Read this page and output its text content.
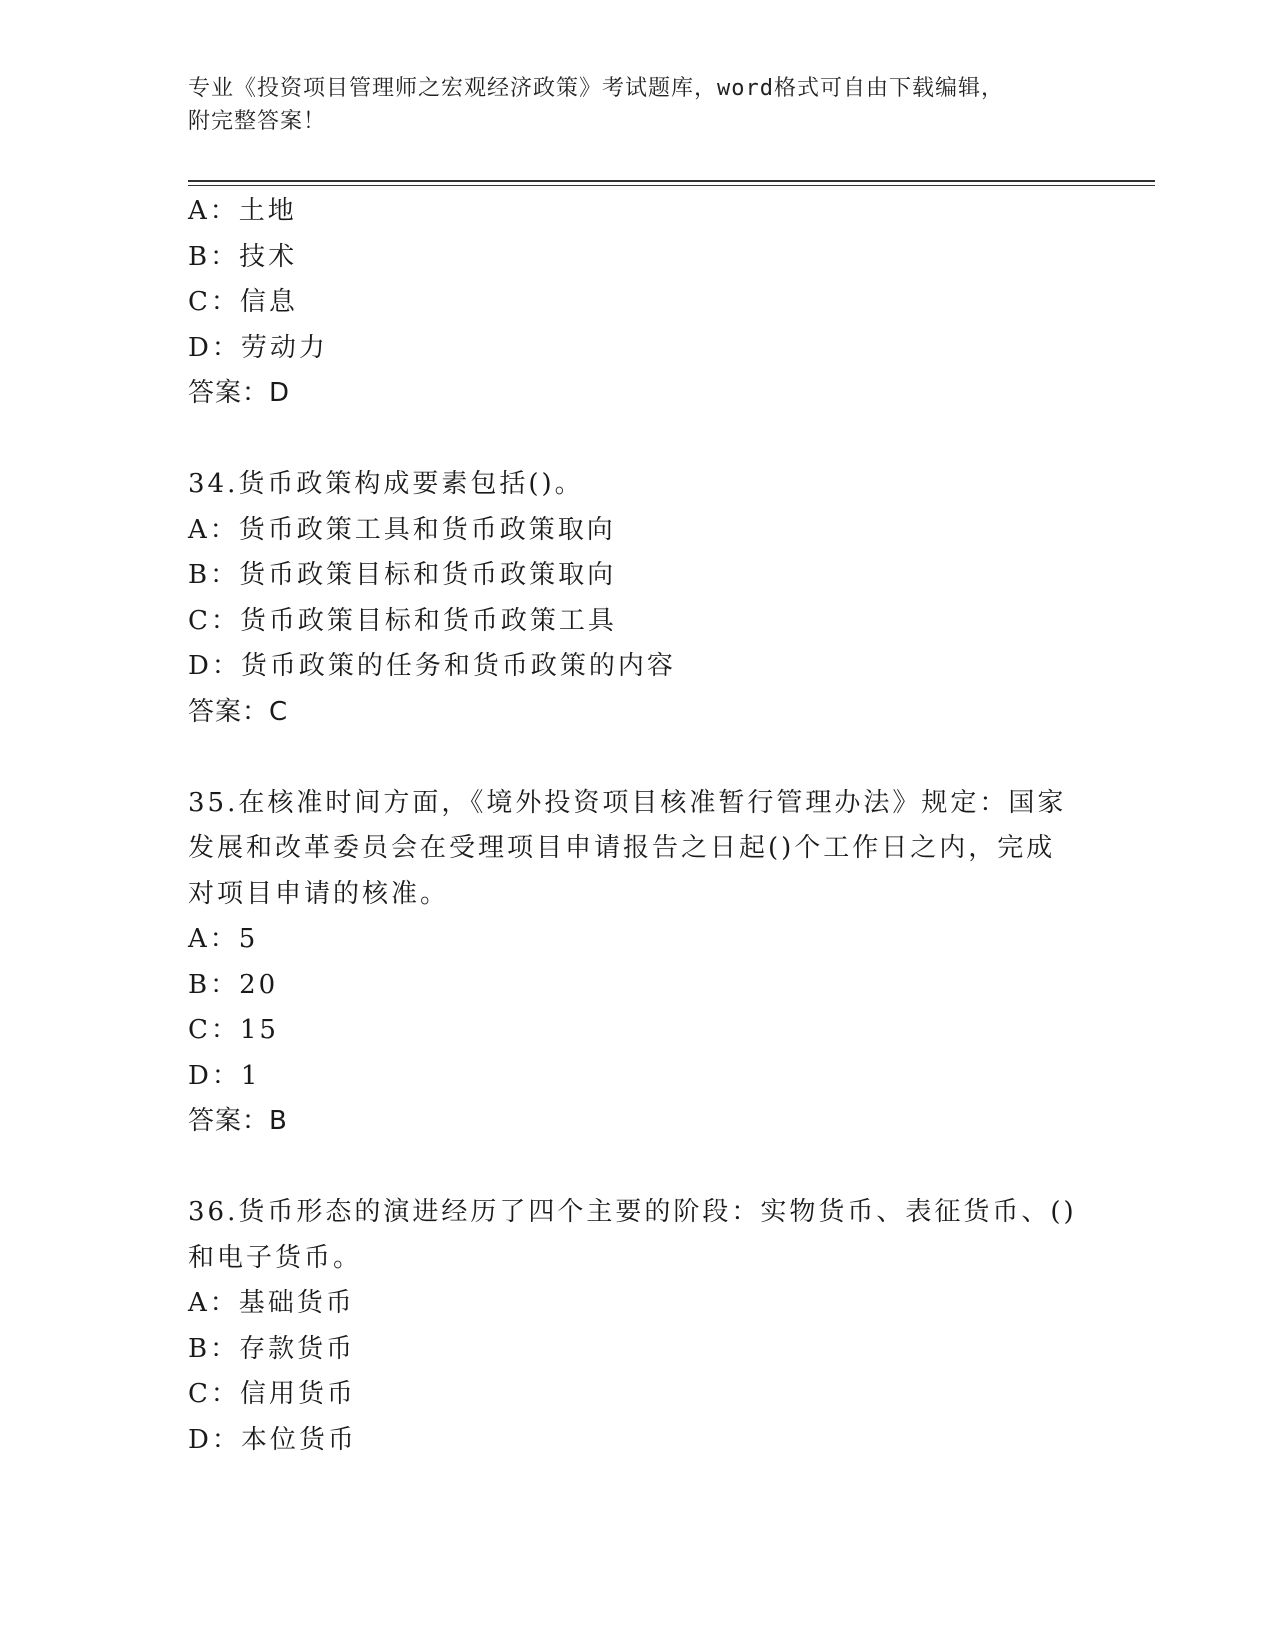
专业《投资项目管理师之宏观经济政策》考试题库，word格式可自由下载编辑，
附完整答案！
A：土地
B：技术
C：信息
D：劳动力
答案：D
34.货币政策构成要素包括()。
A：货币政策工具和货币政策取向
B：货币政策目标和货币政策取向
C：货币政策目标和货币政策工具
D：货币政策的任务和货币政策的内容
答案：C
35.在核准时间方面，《境外投资项目核准暂行管理办法》规定：国家
发展和改革委员会在受理项目申请报告之日起()个工作日之内，完成
对项目申请的核准。
A：5
B：20
C：15
D：1
答案：B
36.货币形态的演进经历了四个主要的阶段：实物货币、表征货币、()
和电子货币。
A：基础货币
B：存款货币
C：信用货币
D：本位货币
